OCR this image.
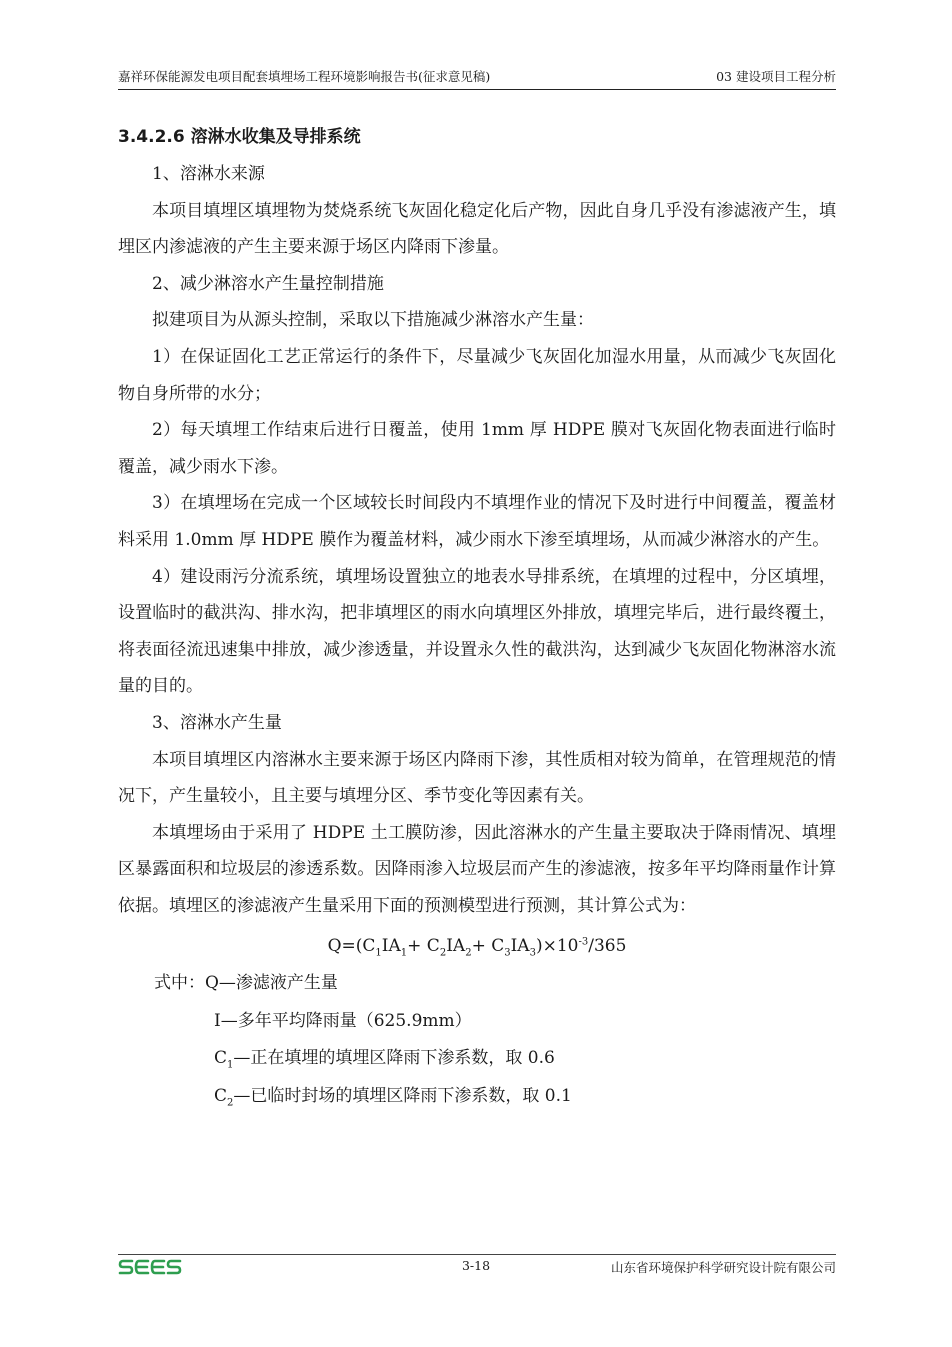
嘉祥环保能源发电项目配套填埋场工程环境影响报告书(征求意见稿)	03 建设项目工程分析
3.4.2.6 溶淋水收集及导排系统

1、溶淋水来源

本项目填埋区填埋物为焚烧系统飞灰固化稳定化后产物，因此自身几乎没有渗滤液产生，填埋区内渗滤液的产生主要来源于场区内降雨下渗量。

2、减少淋溶水产生量控制措施

拟建项目为从源头控制，采取以下措施减少淋溶水产生量：

1）在保证固化工艺正常运行的条件下，尽量减少飞灰固化加湿水用量，从而减少飞灰固化物自身所带的水分；

2）每天填埋工作结束后进行日覆盖，使用 1mm 厚 HDPE 膜对飞灰固化物表面进行临时覆盖，减少雨水下渗。

3）在填埋场在完成一个区域较长时间段内不填埋作业的情况下及时进行中间覆盖，覆盖材料采用 1.0mm 厚 HDPE 膜作为覆盖材料，减少雨水下渗至填埋场，从而减少淋溶水的产生。

4）建设雨污分流系统，填埋场设置独立的地表水导排系统，在填埋的过程中，分区填埋，设置临时的截洪沟、排水沟，把非填埋区的雨水向填埋区外排放，填埋完毕后，进行最终覆土，将表面径流迅速集中排放，减少渗透量，并设置永久性的截洪沟，达到减少飞灰固化物淋溶水流量的目的。

3、溶淋水产生量

本项目填埋区内溶淋水主要来源于场区内降雨下渗，其性质相对较为简单，在管理规范的情况下，产生量较小，且主要与填埋分区、季节变化等因素有关。

本填埋场由于采用了 HDPE 土工膜防渗，因此溶淋水的产生量主要取决于降雨情况、填埋区暴露面积和垃圾层的渗透系数。因降雨渗入垃圾层而产生的渗滤液，按多年平均降雨量作计算依据。填埋区的渗滤液产生量采用下面的预测模型进行预测，其计算公式为：

$Q=(C_1IA_1+ C_2IA_2+ C_3IA_3)\times 10^{-3}/365$

式中：Q—渗滤液产生量

I—多年平均降雨量（625.9mm）

$C_1—$正在填埋的填埋区降雨下渗系数，取 0.6

$C_2—$已临时封场的填埋区降雨下渗系数，取 0.1

3-18	山东省环境保护科学研究设计院有限公司
